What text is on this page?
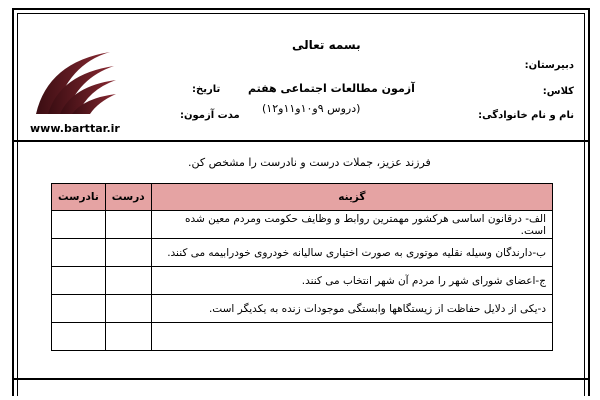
بسمه تعالی
آزمون مطالعات اجتماعی هفتم
(دروس ۹و۱۰و۱۱و۱۲)
دبیرستان:
کلاس:
نام و نام خانوادگی:
تاریخ:
مدت آزمون:
www.barttar.ir
فرزند عزیز، جملات درست و نادرست را مشخص کن.
گزینه	درست	نادرست
الف- درقانون اساسی هرکشور مهمترین روابط و وظایف حکومت ومردم معین شده است.		
ب-دارندگان وسیله نقلیه موتوری به صورت اختیاری سالیانه خودروی خودرابیمه می کنند.		
ج-اعضای شورای شهر را مردم آن شهر انتخاب می کنند.		
د-یکی از دلایل حفاظت از زیستگاهها وابستگی موجودات زنده به یکدیگر است.		
